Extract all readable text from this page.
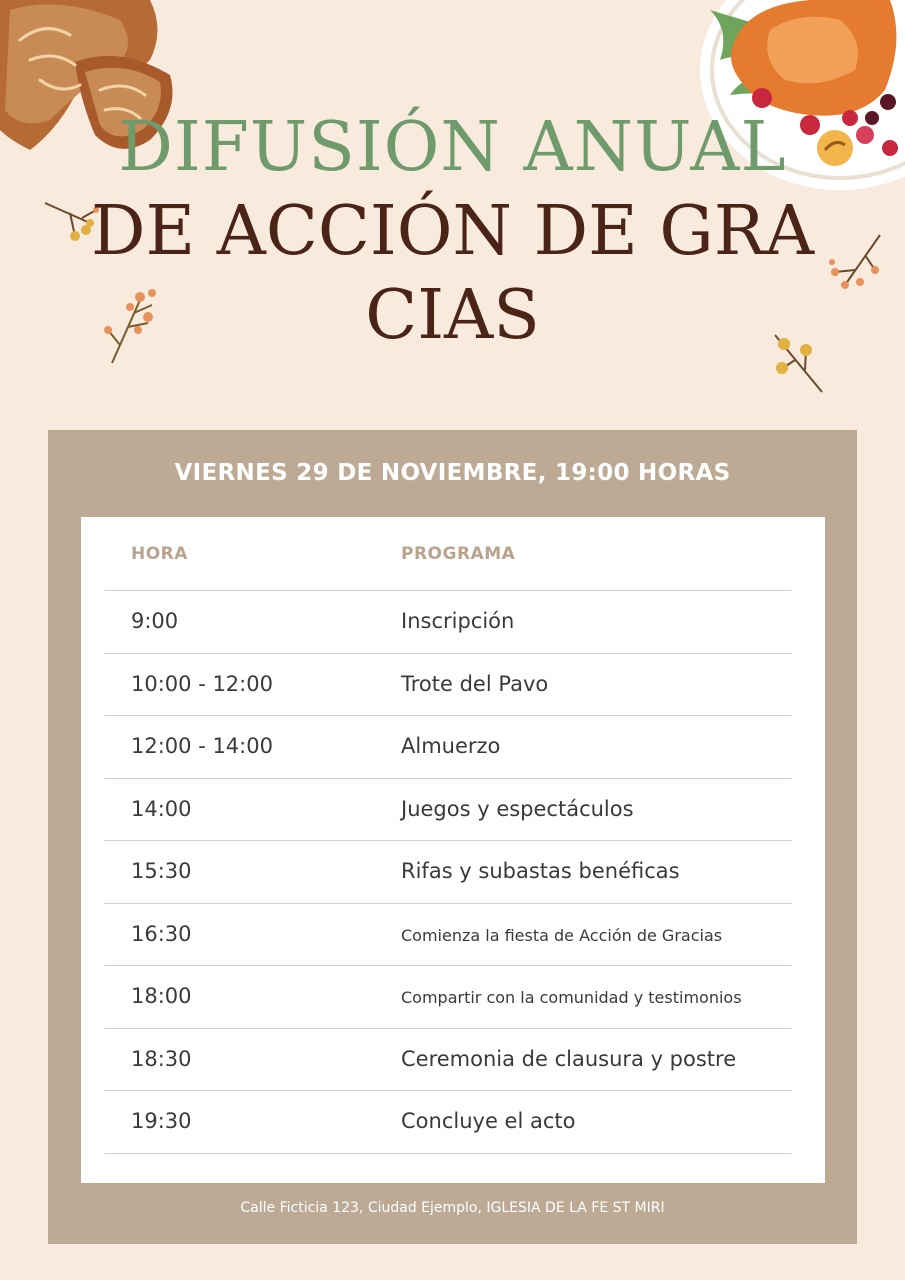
DIFUSIÓN ANUAL
DE ACCIÓN DE GRA
CIAS
VIERNES 29 DE NOVIEMBRE, 19:00 HORAS
HORA	PROGRAMA
9:00	Inscripción
10:00 - 12:00	Trote del Pavo
12:00 - 14:00	Almuerzo
14:00	Juegos y espectáculos
15:30	Rifas y subastas benéficas
16:30	Comienza la fiesta de Acción de Gracias
18:00	Compartir con la comunidad y testimonios
18:30	Ceremonia de clausura y postre
19:30	Concluye el acto
Calle Ficticia 123, Ciudad Ejemplo, IGLESIA DE LA FE ST MIRI
